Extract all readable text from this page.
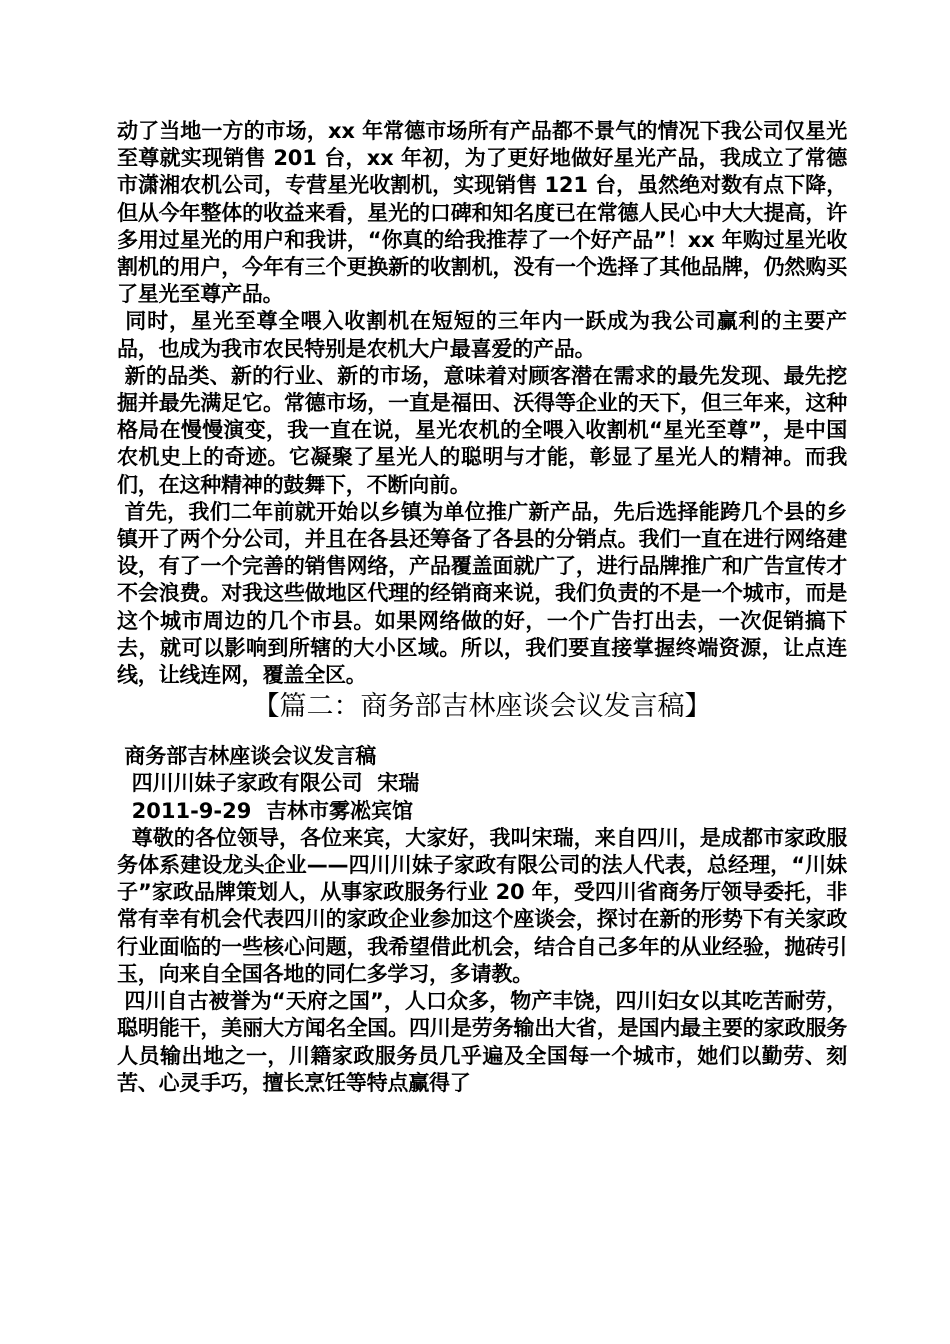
动了当地一方的市场，xx 年常德市场所有产品都不景气的情况下我公司仅星光至尊就实现销售 201 台，xx 年初，为了更好地做好星光产品，我成立了常德市潇湘农机公司，专营星光收割机，实现销售 121 台，虽然绝对数有点下降，但从今年整体的收益来看，星光的口碑和知名度已在常德人民心中大大提高，许多用过星光的用户和我讲，“你真的给我推荐了一个好产品”！xx 年购过星光收割机的用户，今年有三个更换新的收割机，没有一个选择了其他品牌，仍然购买了星光至尊产品。

同时，星光至尊全喂入收割机在短短的三年内一跃成为我公司赢利的主要产品，也成为我市农民特别是农机大户最喜爱的产品。

新的品类、新的行业、新的市场，意味着对顾客潜在需求的最先发现、最先挖掘并最先满足它。常德市场，一直是福田、沃得等企业的天下，但三年来，这种格局在慢慢演变，我一直在说，星光农机的全喂入收割机“星光至尊”，是中国农机史上的奇迹。它凝聚了星光人的聪明与才能，彰显了星光人的精神。而我们，在这种精神的鼓舞下，不断向前。

首先，我们二年前就开始以乡镇为单位推广新产品，先后选择能跨几个县的乡镇开了两个分公司，并且在各县还筹备了各县的分销点。我们一直在进行网络建设，有了一个完善的销售网络，产品覆盖面就广了，进行品牌推广和广告宣传才不会浪费。对我这些做地区代理的经销商来说，我们负责的不是一个城市，而是这个城市周边的几个市县。如果网络做的好，一个广告打出去，一次促销搞下去，就可以影响到所辖的大小区域。所以，我们要直接掌握终端资源，让点连线，让线连网，覆盖全区。

【篇二：商务部吉林座谈会议发言稿】

商务部吉林座谈会议发言稿

四川川妹子家政有限公司  宋瑞

2011-9-29  吉林市雾凇宾馆

尊敬的各位领导，各位来宾，大家好，我叫宋瑞，来自四川，是成都市家政服务体系建设龙头企业——四川川妹子家政有限公司的法人代表，总经理，“川妹子”家政品牌策划人，从事家政服务行业 20 年，受四川省商务厅领导委托，非常有幸有机会代表四川的家政企业参加这个座谈会，探讨在新的形势下有关家政行业面临的一些核心问题，我希望借此机会，结合自己多年的从业经验，抛砖引玉，向来自全国各地的同仁多学习，多请教。

四川自古被誉为“天府之国”，人口众多，物产丰饶，四川妇女以其吃苦耐劳，聪明能干，美丽大方闻名全国。四川是劳务输出大省，是国内最主要的家政服务人员输出地之一，川籍家政服务员几乎遍及全国每一个城市，她们以勤劳、刻苦、心灵手巧，擅长烹饪等特点赢得了
